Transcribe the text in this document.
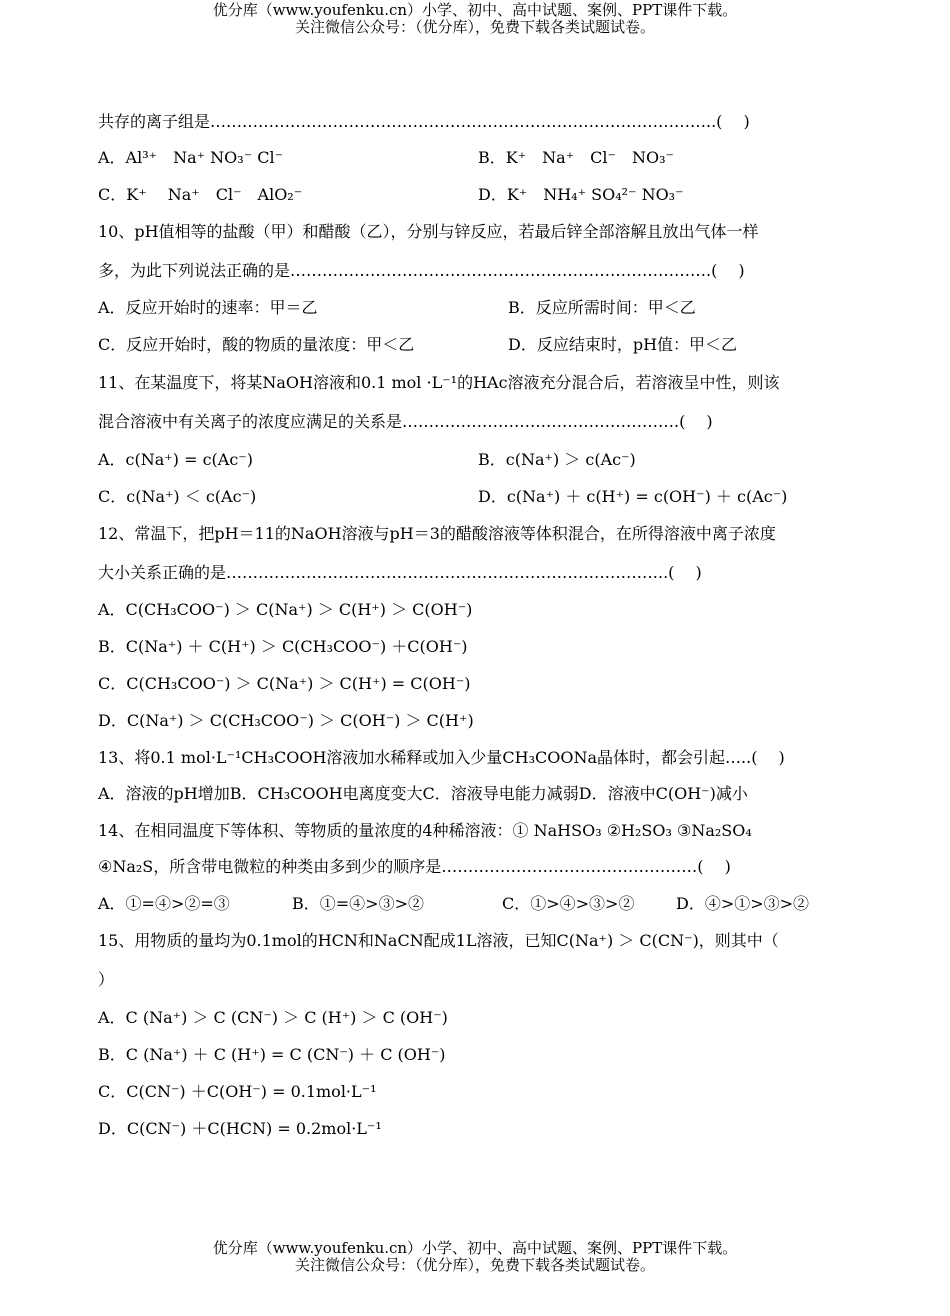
优分库（www.youfenku.cn）小学、初中、高中试题、案例、PPT课件下载。
关注微信公众号：（优分库），免费下载各类试题试卷。
共存的离子组是…………………………………………………………………………………..(　 )
A．Al³⁺　Na⁺ NO₃⁻ Cl⁻	B．K⁺　Na⁺　Cl⁻　NO₃⁻
C．K⁺　 Na⁺　Cl⁻　AlO₂⁻	D．K⁺　NH₄⁺ SO₄²⁻ NO₃⁻
10、pH值相等的盐酸（甲）和醋酸（乙），分别与锌反应，若最后锌全部溶解且放出气体一样
多，为此下列说法正确的是…………………………………………………………………….(　 )
A．反应开始时的速率：甲＝乙	B．反应所需时间：甲＜乙
C．反应开始时，酸的物质的量浓度：甲＜乙	D．反应结束时，pH值：甲＜乙
11、在某温度下，将某NaOH溶液和0.1 mol ·L⁻¹的HAc溶液充分混合后，若溶液呈中性，则该
混合溶液中有关离子的浓度应满足的关系是…………………………………………….(　 )
A．c(Na⁺) = c(Ac⁻)	B．c(Na⁺) ＞ c(Ac⁻)
C．c(Na⁺) ＜ c(Ac⁻)	D．c(Na⁺) ＋ c(H⁺) = c(OH⁻) ＋ c(Ac⁻)
12、常温下，把pH＝11的NaOH溶液与pH＝3的醋酸溶液等体积混合，在所得溶液中离子浓度
大小关系正确的是………………………………………………………………………..(　 )
A．C(CH₃COO⁻) ＞ C(Na⁺) ＞ C(H⁺) ＞ C(OH⁻)
B．C(Na⁺) ＋ C(H⁺) ＞ C(CH₃COO⁻) ＋C(OH⁻)
C．C(CH₃COO⁻) ＞ C(Na⁺) ＞ C(H⁺) = C(OH⁻)
D．C(Na⁺) ＞ C(CH₃COO⁻) ＞ C(OH⁻) ＞ C(H⁺)
13、将0.1 mol·L⁻¹CH₃COOH溶液加水稀释或加入少量CH₃COONa晶体时，都会引起…..(　 )
A．溶液的pH增加B．CH₃COOH电离度变大C．溶液导电能力减弱D．溶液中C(OH⁻)减小
14、在相同温度下等体积、等物质的量浓度的4种稀溶液：① NaHSO₃ ②H₂SO₃ ③Na₂SO₄
④Na₂S，所含带电微粒的种类由多到少的顺序是…………………………………………(　 )
A．①=④>②=③	B．①=④>③>②	C．①>④>③>②	D．④>①>③>②
15、用物质的量均为0.1mol的HCN和NaCN配成1L溶液，已知C(Na⁺) ＞ C(CN⁻)，则其中（
）
A．C (Na⁺) ＞ C (CN⁻) ＞ C (H⁺) ＞ C (OH⁻)
B．C (Na⁺) ＋ C (H⁺) = C (CN⁻) ＋ C (OH⁻)
C．C(CN⁻) ＋C(OH⁻) = 0.1mol·L⁻¹
D．C(CN⁻) ＋C(HCN) = 0.2mol·L⁻¹
优分库（www.youfenku.cn）小学、初中、高中试题、案例、PPT课件下载。
关注微信公众号：（优分库），免费下载各类试题试卷。
